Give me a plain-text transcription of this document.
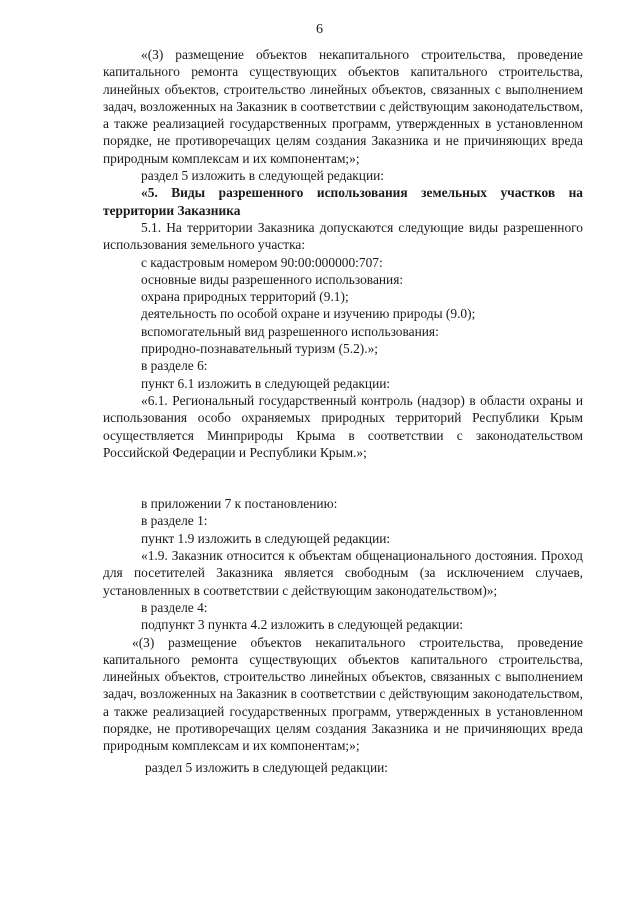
6

«(3) размещение объектов некапитального строительства, проведение капитального ремонта существующих объектов капитального строительства, линейных объектов, строительство линейных объектов, связанных с выполнением задач, возложенных на Заказник в соответствии с действующим законодательством, а также реализацией государственных программ, утвержденных в установленном порядке, не противоречащих целям создания Заказника и не причиняющих вреда природным комплексам и их компонентам;»;

раздел 5 изложить в следующей редакции:

«5. Виды разрешенного использования земельных участков на территории Заказника

5.1. На территории Заказника допускаются следующие виды разрешенного использования земельного участка:

с кадастровым номером 90:00:000000:707:

основные виды разрешенного использования:

охрана природных территорий (9.1);

деятельность по особой охране и изучению природы (9.0);

вспомогательный вид разрешенного использования:

природно-познавательный туризм (5.2).»;

в разделе 6:

пункт 6.1 изложить в следующей редакции:

«6.1. Региональный государственный контроль (надзор) в области охраны и использования особо охраняемых природных территорий Республики Крым осуществляется Минприроды Крыма в соответствии с законодательством Российской Федерации и Республики Крым.»;

в приложении 7 к постановлению:

в разделе 1:

пункт 1.9 изложить в следующей редакции:

«1.9. Заказник относится к объектам общенационального достояния. Проход для посетителей Заказника является свободным (за исключением случаев, установленных в соответствии с действующим законодательством)»;

в разделе 4:

подпункт 3 пункта 4.2 изложить в следующей редакции:

«(3) размещение объектов некапитального строительства, проведение капитального ремонта существующих объектов капитального строительства, линейных объектов, строительство линейных объектов, связанных с выполнением задач, возложенных на Заказник в соответствии с действующим законодательством, а также реализацией государственных программ, утвержденных в установленном порядке, не противоречащих целям создания Заказника и не причиняющих вреда природным комплексам и их компонентам;»;

раздел 5 изложить в следующей редакции:
